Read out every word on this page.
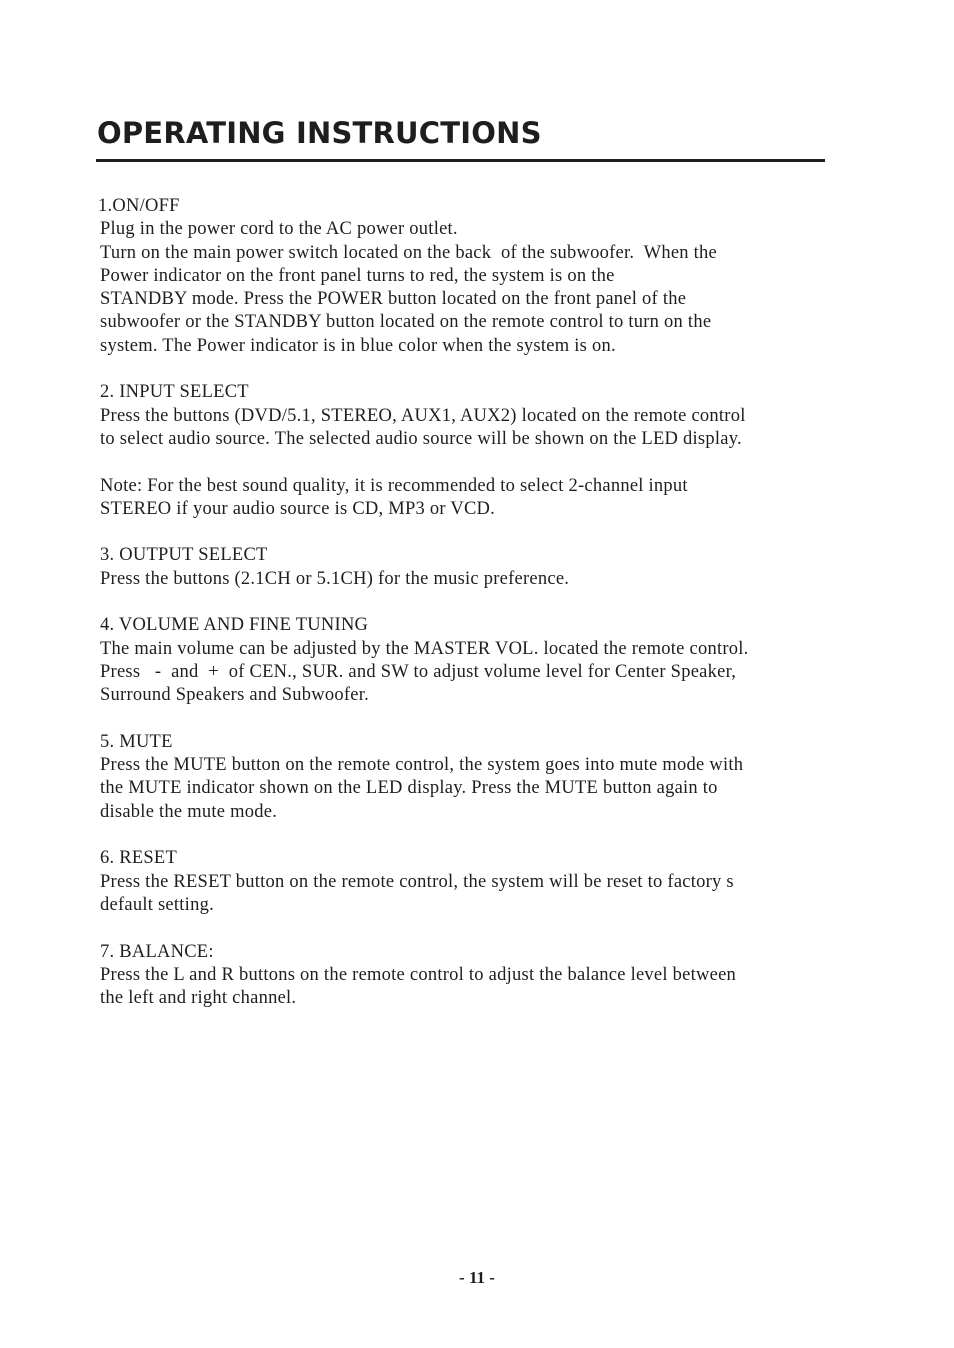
OPERATING INSTRUCTIONS
1.ON/OFF
Plug in the power cord to the AC power outlet.
Turn on the main power switch located on the back  of the subwoofer.  When the
Power indicator on the front panel turns to red, the system is on the
STANDBY mode. Press the POWER button located on the front panel of the
subwoofer or the STANDBY button located on the remote control to turn on the
system. The Power indicator is in blue color when the system is on.
2. INPUT SELECT
Press the buttons (DVD/5.1, STEREO, AUX1, AUX2) located on the remote control
to select audio source. The selected audio source will be shown on the LED display.
Note: For the best sound quality, it is recommended to select 2-channel input
STEREO if your audio source is CD, MP3 or VCD.
3. OUTPUT SELECT
Press the buttons (2.1CH or 5.1CH) for the music preference.
4. VOLUME AND FINE TUNING
The main volume can be adjusted by the MASTER VOL. located the remote control.
Press   -  and  +  of CEN., SUR. and SW to adjust volume level for Center Speaker,
Surround Speakers and Subwoofer.
5. MUTE
Press the MUTE button on the remote control, the system goes into mute mode with
the MUTE indicator shown on the LED display. Press the MUTE button again to
disable the mute mode.
6. RESET
Press the RESET button on the remote control, the system will be reset to factory s
default setting.
7. BALANCE:
Press the L and R buttons on the remote control to adjust the balance level between
the left and right channel.
- 11 -
